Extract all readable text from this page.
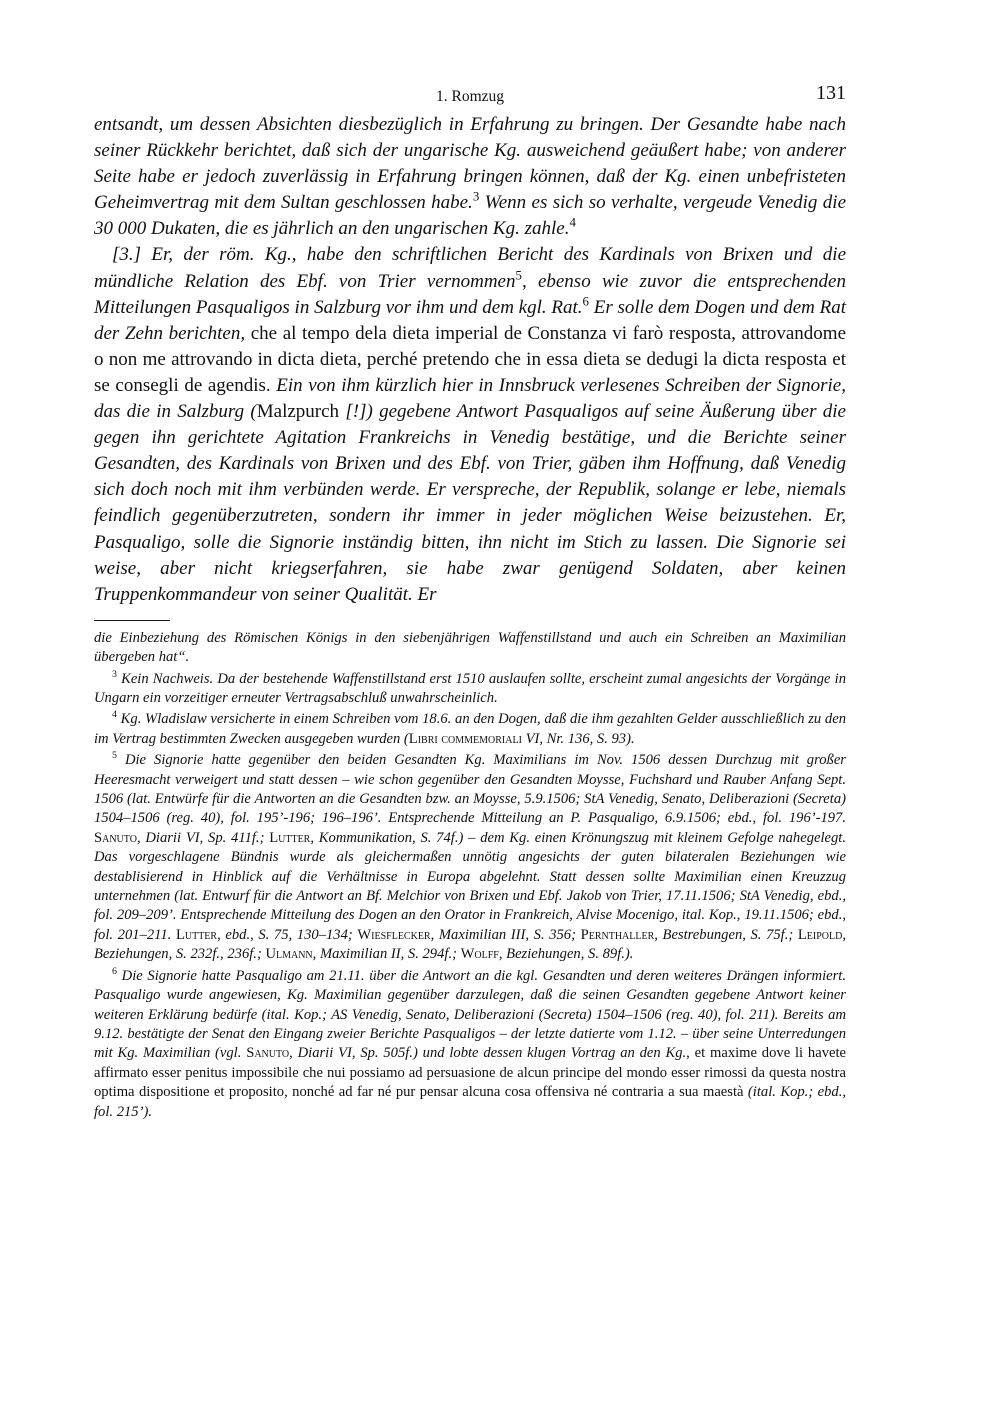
1. Romzug	131

entsandt, um dessen Absichten diesbezüglich in Erfahrung zu bringen. Der Gesandte habe nach seiner Rückkehr berichtet, daß sich der ungarische Kg. ausweichend geäußert habe; von anderer Seite habe er jedoch zuverlässig in Erfahrung bringen können, daß der Kg. einen unbefristeten Geheimvertrag mit dem Sultan geschlossen habe.$^3$ Wenn es sich so verhalte, vergeude Venedig die 30 000 Dukaten, die es jährlich an den ungarischen Kg. zahle.$^4$

[3.] Er, der röm. Kg., habe den schriftlichen Bericht des Kardinals von Brixen und die mündliche Relation des Ebf. von Trier vernommen$^5$, ebenso wie zuvor die entsprechenden Mitteilungen Pasqualigos in Salzburg vor ihm und dem kgl. Rat.$^6$ Er solle dem Dogen und dem Rat der Zehn berichten, che al tempo dela dieta imperial de Constanza vi farò resposta, attrovandome o non me attrovando in dicta dieta, perché pretendo che in essa dieta se dedugi la dicta resposta et se consegli de agendis. Ein von ihm kürzlich hier in Innsbruck verlesenes Schreiben der Signorie, das die in Salzburg (Malzpurch [!]) gegebene Antwort Pasqualigos auf seine Äußerung über die gegen ihn gerichtete Agitation Frankreichs in Venedig bestätige, und die Berichte seiner Gesandten, des Kardinals von Brixen und des Ebf. von Trier, gäben ihm Hoffnung, daß Venedig sich doch noch mit ihm verbünden werde. Er verspreche, der Republik, solange er lebe, niemals feindlich gegenüberzutreten, sondern ihr immer in jeder möglichen Weise beizustehen. Er, Pasqualigo, solle die Signorie inständig bitten, ihn nicht im Stich zu lassen. Die Signorie sei weise, aber nicht kriegserfahren, sie habe zwar genügend Soldaten, aber keinen Truppenkommandeur von seiner Qualität. Er

die Einbeziehung des Römischen Königs in den siebenjährigen Waffenstillstand und auch ein Schreiben an Maximilian übergeben hat“.

$^3$ Kein Nachweis. Da der bestehende Waffenstillstand erst 1510 auslaufen sollte, erscheint zumal angesichts der Vorgänge in Ungarn ein vorzeitiger erneuter Vertragsabschluß unwahrscheinlich.

$^4$ Kg. Wladislaw versicherte in einem Schreiben vom 18.6. an den Dogen, daß die ihm gezahlten Gelder ausschließlich zu den im Vertrag bestimmten Zwecken ausgegeben wurden (Libri commemoriali VI, Nr. 136, S. 93).

$^5$ Die Signorie hatte gegenüber den beiden Gesandten Kg. Maximilians im Nov. 1506 dessen Durchzug mit großer Heeresmacht verweigert und statt dessen – wie schon gegenüber den Gesandten Moysse, Fuchshard und Rauber Anfang Sept. 1506 (lat. Entwürfe für die Antworten an die Gesandten bzw. an Moysse, 5.9.1506; StA Venedig, Senato, Deliberazioni (Secreta) 1504–1506 (reg. 40), fol. 195’-196; 196–196’. Entsprechende Mitteilung an P. Pasqualigo, 6.9.1506; ebd., fol. 196’-197. Sanuto, Diarii VI, Sp. 411f.; Lutter, Kommunikation, S. 74f.) – dem Kg. einen Krönungszug mit kleinem Gefolge nahegelegt. Das vorgeschlagene Bündnis wurde als gleichermaßen unnötig angesichts der guten bilateralen Beziehungen wie destablisierend in Hinblick auf die Verhältnisse in Europa abgelehnt. Statt dessen sollte Maximilian einen Kreuzzug unternehmen (lat. Entwurf für die Antwort an Bf. Melchior von Brixen und Ebf. Jakob von Trier, 17.11.1506; StA Venedig, ebd., fol. 209–209’. Entsprechende Mitteilung des Dogen an den Orator in Frankreich, Alvise Mocenigo, ital. Kop., 19.11.1506; ebd., fol. 201–211. Lutter, ebd., S. 75, 130–134; Wiesflecker, Maximilian III, S. 356; Pernthaller, Bestrebungen, S. 75f.; Leipold, Beziehungen, S. 232f., 236f.; Ulmann, Maximilian II, S. 294f.; Wolff, Beziehungen, S. 89f.).

$^6$ Die Signorie hatte Pasqualigo am 21.11. über die Antwort an die kgl. Gesandten und deren weiteres Drängen informiert. Pasqualigo wurde angewiesen, Kg. Maximilian gegenüber darzulegen, daß die seinen Gesandten gegebene Antwort keiner weiteren Erklärung bedürfe (ital. Kop.; AS Venedig, Senato, Deliberazioni (Secreta) 1504–1506 (reg. 40), fol. 211). Bereits am 9.12. bestätigte der Senat den Eingang zweier Berichte Pasqualigos – der letzte datierte vom 1.12. – über seine Unterredungen mit Kg. Maximilian (vgl. Sanuto, Diarii VI, Sp. 505f.) und lobte dessen klugen Vortrag an den Kg., et maxime dove li havete affirmato esser penitus impossibile che nui possiamo ad persuasione de alcun principe del mondo esser rimossi da questa nostra optima dispositione et proposito, nonché ad far né pur pensar alcuna cosa offensiva né contraria a sua maestà (ital. Kop.; ebd., fol. 215’).
